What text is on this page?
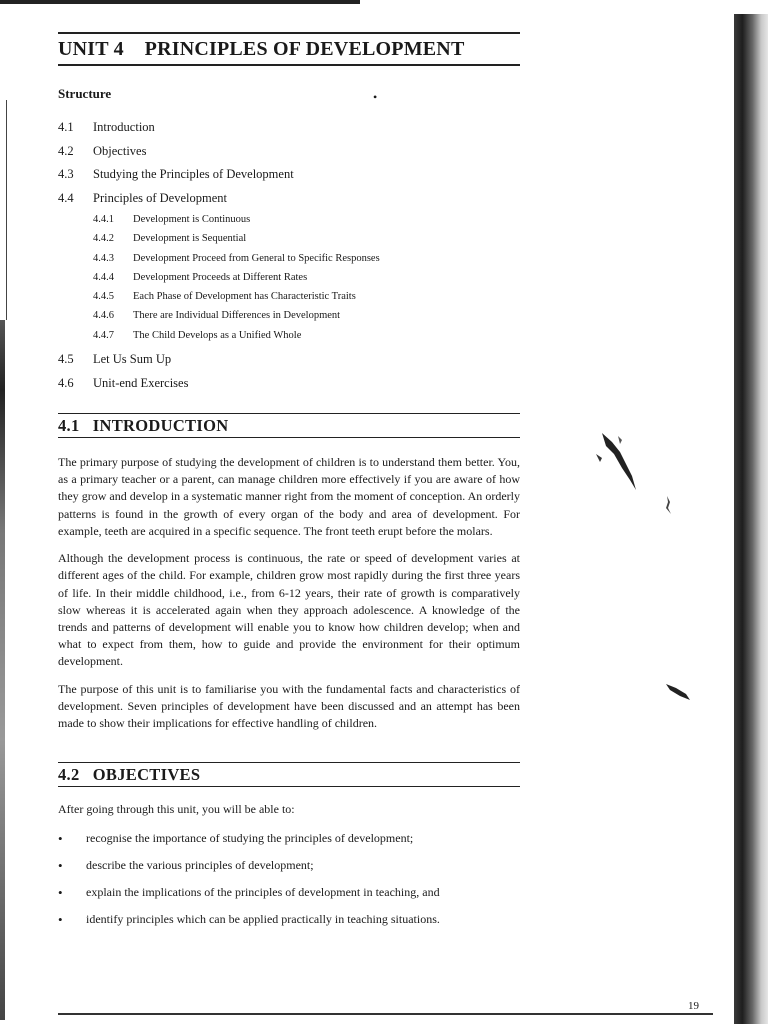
UNIT 4    PRINCIPLES OF DEVELOPMENT
Structure
4.1	Introduction
4.2	Objectives
4.3	Studying the Principles of Development
4.4	Principles of Development
4.4.1	Development is Continuous
4.4.2	Development is Sequential
4.4.3	Development Proceed from General to Specific Responses
4.4.4	Development Proceeds at Different Rates
4.4.5	Each Phase of Development has Characteristic Traits
4.4.6	There are Individual Differences in Development
4.4.7	The Child Develops as a Unified Whole
4.5	Let Us Sum Up
4.6	Unit-end Exercises
4.1   INTRODUCTION

The primary purpose of studying the development of children is to understand them better. You, as a primary teacher or a parent, can manage children more effectively if you are aware of how they grow and develop in a systematic manner right from the moment of conception. An orderly patterns is found in the growth of every organ of the body and area of development. For example, teeth are acquired in a specific sequence. The front teeth erupt before the molars.

Although the development process is continuous, the rate or speed of development varies at different ages of the child. For example, children grow most rapidly during the first three years of life. In their middle childhood, i.e., from 6-12 years, their rate of growth is comparatively slow whereas it is accelerated again when they approach adolescence. A knowledge of the trends and patterns of development will enable you to know how children develop; when and what to expect from them, how to guide and provide the environment for their optimum development.

The purpose of this unit is to familiarise you with the fundamental facts and characteristics of development. Seven principles of development have been discussed and an attempt has been made to show their implications for effective handling of children.

4.2   OBJECTIVES

After going through this unit, you will be able to:

•	recognise the importance of studying the principles of development;
•	describe the various principles of development;
•	explain the implications of the principles of development in teaching, and
•	identify principles which can be applied practically in teaching situations.
•
19
